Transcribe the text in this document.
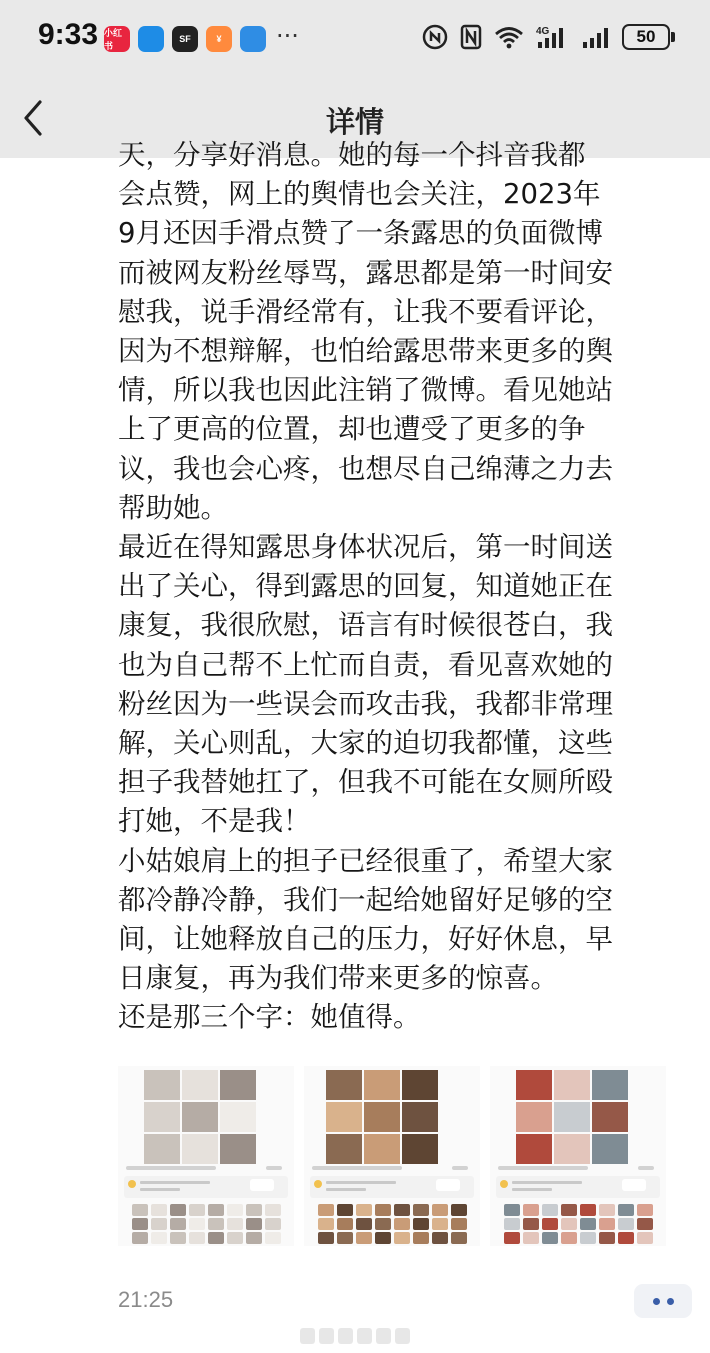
9:33 小红书
SF	¥	···	4G	50
详情

天，分享好消息。她的每一个抖音我都
会点赞，网上的舆情也会关注，2023年
9月还因手滑点赞了一条露思的负面微博
而被网友粉丝辱骂，露思都是第一时间安
慰我，说手滑经常有，让我不要看评论，
因为不想辩解，也怕给露思带来更多的舆
情，所以我也因此注销了微博。看见她站
上了更高的位置，却也遭受了更多的争
议，我也会心疼，也想尽自己绵薄之力去
帮助她。

最近在得知露思身体状况后，第一时间送
出了关心，得到露思的回复，知道她正在
康复，我很欣慰，语言有时候很苍白，我
也为自己帮不上忙而自责，看见喜欢她的
粉丝因为一些误会而攻击我，我都非常理
解，关心则乱，大家的迫切我都懂，这些
担子我替她扛了，但我不可能在女厕所殴
打她，不是我！

小姑娘肩上的担子已经很重了，希望大家
都冷静冷静，我们一起给她留好足够的空
间，让她释放自己的压力，好好休息，早
日康复，再为我们带来更多的惊喜。

还是那三个字：她值得。

21:25
